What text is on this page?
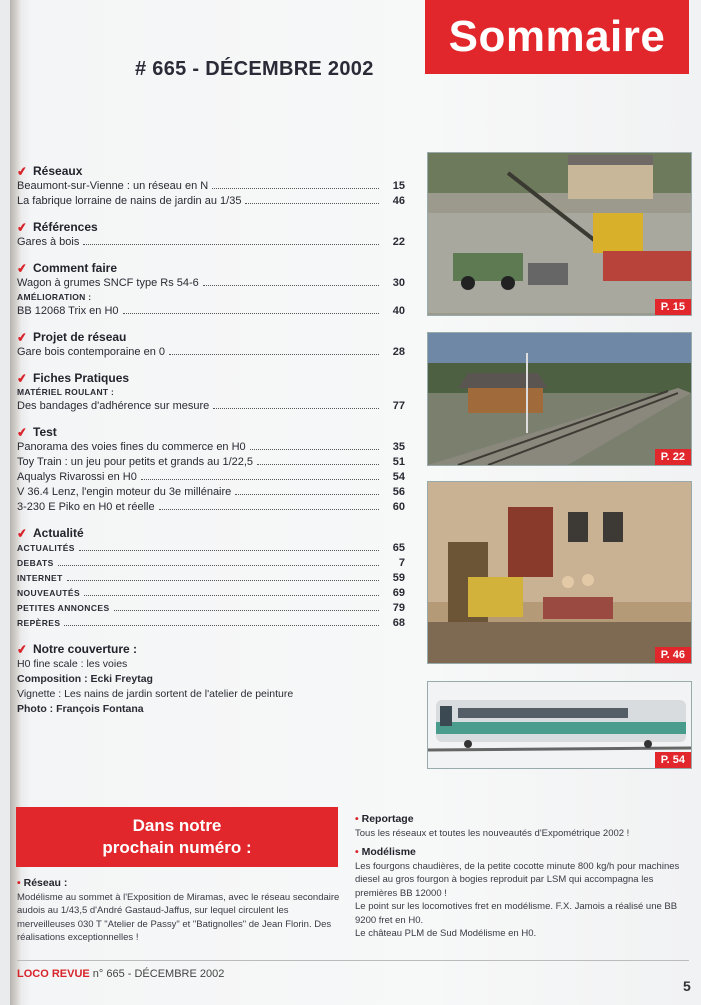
Sommaire
# 665 - DÉCEMBRE 2002
✔ Réseaux
Beaumont-sur-Vienne : un réseau en N	15
La fabrique lorraine de nains de jardin au 1/35	46
✔ Références
Gares à bois	22
✔ Comment faire
Wagon à grumes SNCF type Rs 54-6	30
AMÉLIORATION :
BB 12068 Trix en H0	40
✔ Projet de réseau
Gare bois contemporaine en 0	28
✔ Fiches Pratiques
MATÉRIEL ROULANT :
Des bandages d'adhérence sur mesure	77
✔ Test
Panorama des voies fines du commerce en H0	35
Toy Train : un jeu pour petits et grands au 1/22,5	51
Aqualys Rivarossi en H0	54
V 36.4 Lenz, l'engin moteur du 3e millénaire	56
3-230 E Piko en H0 et réelle	60
✔ Actualité
ACTUALITÉS	65
DEBATS	7
INTERNET	59
NOUVEAUTÉS	69
PETITES ANNONCES	79
REPÈRES	68
✔ Notre couverture :
H0 fine scale : les voies
Composition : Ecki Freytag
Vignette : Les nains de jardin sortent de l'atelier de peinture
Photo : François Fontana
P. 15
P. 22
P. 46
P. 54
Dans notre
prochain numéro :
• Réseau :
Modélisme au sommet à l'Exposition de Miramas, avec le réseau secondaire audois au 1/43,5 d'André Gastaud-Jaffus, sur lequel circulent les merveilleuses 030 T "Atelier de Passy" et "Batignolles" de Jean Florin. Des réalisations exceptionnelles !
• Reportage
Tous les réseaux et toutes les nouveautés d'Expométrique 2002 !
• Modélisme
Les fourgons chaudières, de la petite cocotte minute 800 kg/h pour machines diesel au gros fourgon à bogies reproduit par LSM qui accompagna les premières BB 12000 !
Le point sur les locomotives fret en modélisme. F.X. Jamois a réalisé une BB 9200 fret en H0.
Le château PLM de Sud Modélisme en H0.
LOCO REVUE n° 665 - DÉCEMBRE 2002
5
